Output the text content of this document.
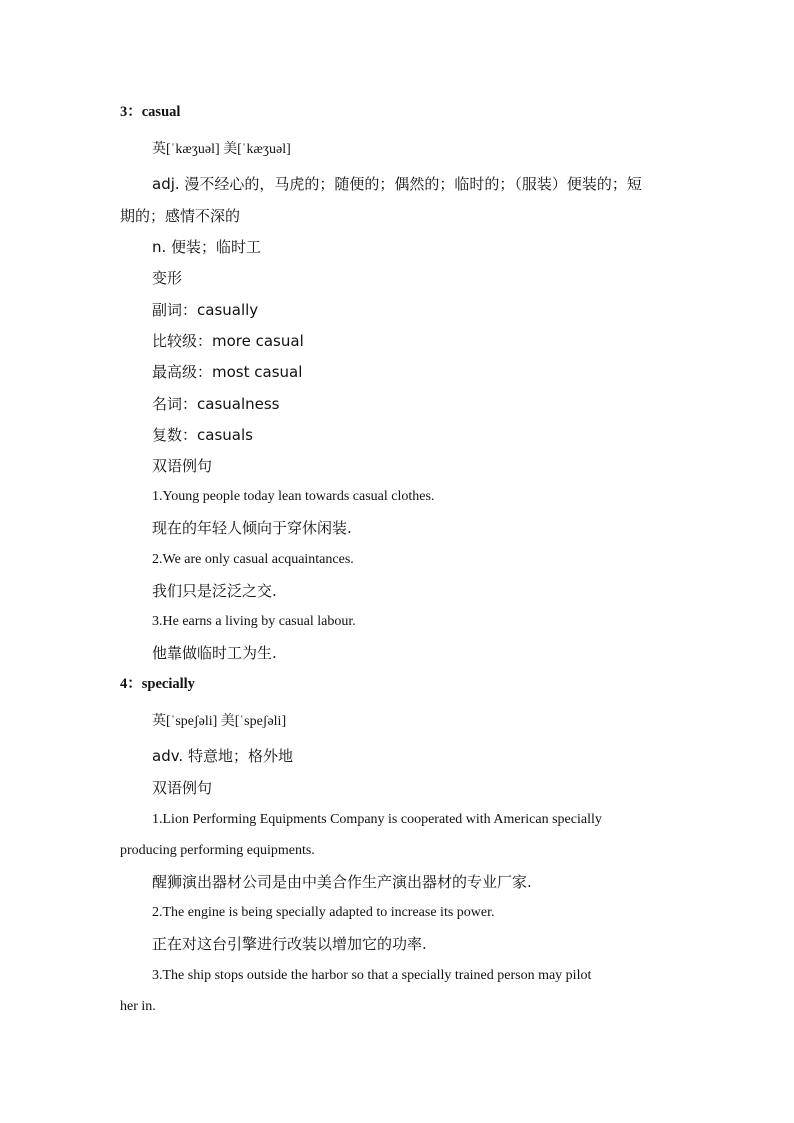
3：casual
英[ˈkæʒuəl] 美[ˈkæʒuəl]
adj. 漫不经心的，马虎的；随便的；偶然的；临时的；（服装）便装的；短
期的；感情不深的
n. 便装；临时工
变形
副词：casually
比较级：more casual
最高级：most casual
名词：casualness
复数：casuals
双语例句
1.Young people today lean towards casual clothes.
现在的年轻人倾向于穿休闲装.
2.We are only casual acquaintances.
我们只是泛泛之交.
3.He earns a living by casual labour.
他靠做临时工为生.
4：specially
英[ˈspeʃəli] 美[ˈspeʃəli]
adv. 特意地；格外地
双语例句
1.Lion Performing Equipments Company is cooperated with American specially
producing performing equipments.
醒狮演出器材公司是由中美合作生产演出器材的专业厂家.
2.The engine is being specially adapted to increase its power.
正在对这台引擎进行改装以增加它的功率.
3.The ship stops outside the harbor so that a specially trained person may pilot
her in.
